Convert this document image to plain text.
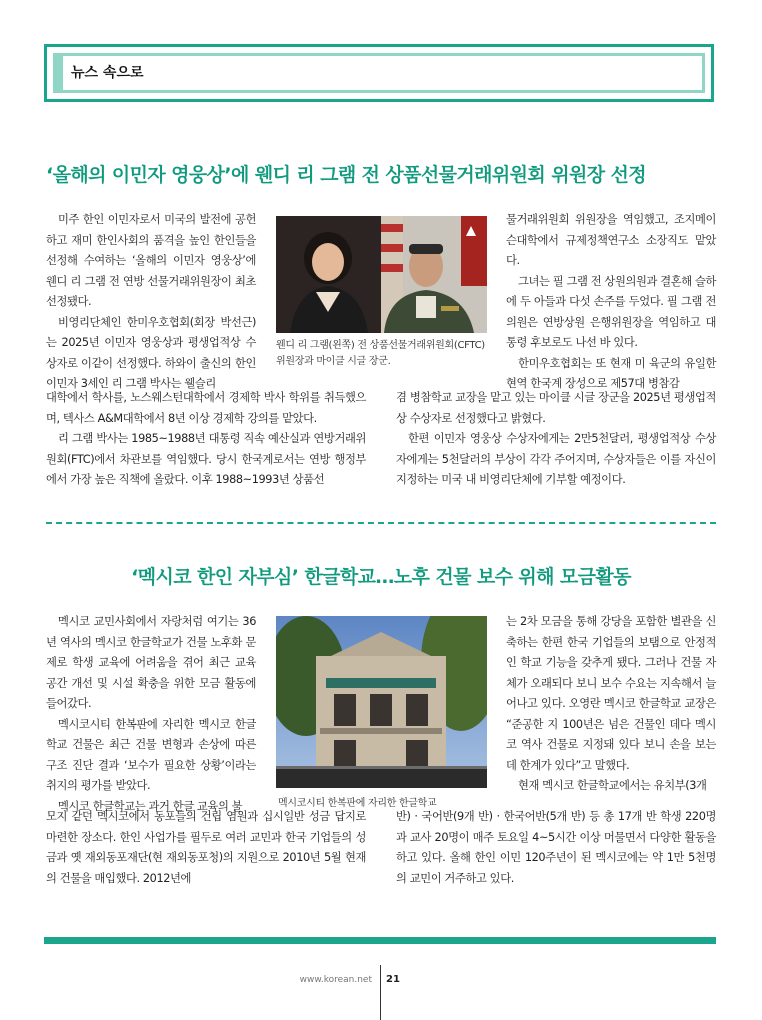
뉴스 속으로
‘올해의 이민자 영웅상’에 웬디 리 그램 전 상품선물거래위원회 위원장 선정

미주 한인 이민자로서 미국의 발전에 공헌하고 재미 한인사회의 품격을 높인 한인들을 선정해 수여하는 ‘올해의 이민자 영웅상’에 웬디 리 그램 전 연방 선물거래위원장이 최초 선정됐다.

비영리단체인 한미우호협회(회장 박선근)는 2025년 이민자 영웅상과 평생업적상 수상자로 이같이 선정했다. 하와이 출신의 한인 이민자 3세인 리 그램 박사는 웰슬리

대학에서 학사를, 노스웨스턴대학에서 경제학 박사 학위를 취득했으며, 텍사스 A&M대학에서 8년 이상 경제학 강의를 맡았다.

리 그램 박사는 1985~1988년 대통령 직속 예산실과 연방거래위원회(FTC)에서 차관보를 역임했다. 당시 한국계로서는 연방 행정부에서 가장 높은 직책에 올랐다. 이후 1988~1993년 상품선

웬디 리 그램(왼쪽) 전 상품선물거래위원회(CFTC) 위원장과 마이클 시글 장군.

물거래위원회 위원장을 역임했고, 조지메이슨대학에서 규제정책연구소 소장직도 맡았다.

그녀는 필 그램 전 상원의원과 결혼해 슬하에 두 아들과 다섯 손주를 두었다. 필 그램 전 의원은 연방상원 은행위원장을 역임하고 대통령 후보로도 나선 바 있다.

한미우호협회는 또 현재 미 육군의 유일한 현역 한국계 장성으로 제57대 병참감

겸 병참학교 교장을 맡고 있는 마이클 시글 장군을 2025년 평생업적상 수상자로 선정했다고 밝혔다.

한편 이민자 영웅상 수상자에게는 2만5천달러, 평생업적상 수상자에게는 5천달러의 부상이 각각 주어지며, 수상자들은 이를 자신이 지정하는 미국 내 비영리단체에 기부할 예정이다.

‘멕시코 한인 자부심’ 한글학교…노후 건물 보수 위해 모금활동

멕시코 교민사회에서 자랑처럼 여기는 36년 역사의 멕시코 한글학교가 건물 노후화 문제로 학생 교육에 어려움을 겪어 최근 교육 공간 개선 및 시설 확충을 위한 모금 활동에 들어갔다.

멕시코시티 한복판에 자리한 멕시코 한글학교 건물은 최근 건물 변형과 손상에 따른 구조 진단 결과 ‘보수가 필요한 상황’이라는 취지의 평가를 받았다.

멕시코 한글학교는 과거 한글 교육의 불

모지 같던 멕시코에서 동포들의 건립 염원과 십시일반 성금 답지로 마련한 장소다. 한인 사업가를 필두로 여러 교민과 한국 기업들의 성금과 옛 재외동포재단(현 재외동포청)의 지원으로 2010년 5월 현재의 건물을 매입했다. 2012년에

멕시코시티 한복판에 자리한 한글학교

는 2차 모금을 통해 강당을 포함한 별관을 신축하는 한편 한국 기업들의 보탬으로 안정적인 학교 기능을 갖추게 됐다. 그러나 건물 자체가 오래되다 보니 보수 수요는 지속해서 늘어나고 있다. 오영란 멕시코 한글학교 교장은 “준공한 지 100년은 넘은 건물인 데다 멕시코 역사 건물로 지정돼 있다 보니 손을 보는 데 한계가 있다”고 말했다.

현재 멕시코 한글학교에서는 유치부(3개

반) · 국어반(9개 반) · 한국어반(5개 반) 등 총 17개 반 학생 220명과 교사 20명이 매주 토요일 4~5시간 이상 머물면서 다양한 활동을 하고 있다. 올해 한인 이민 120주년이 된 멕시코에는 약 1만 5천명의 교민이 거주하고 있다.

www.korean.net 21
